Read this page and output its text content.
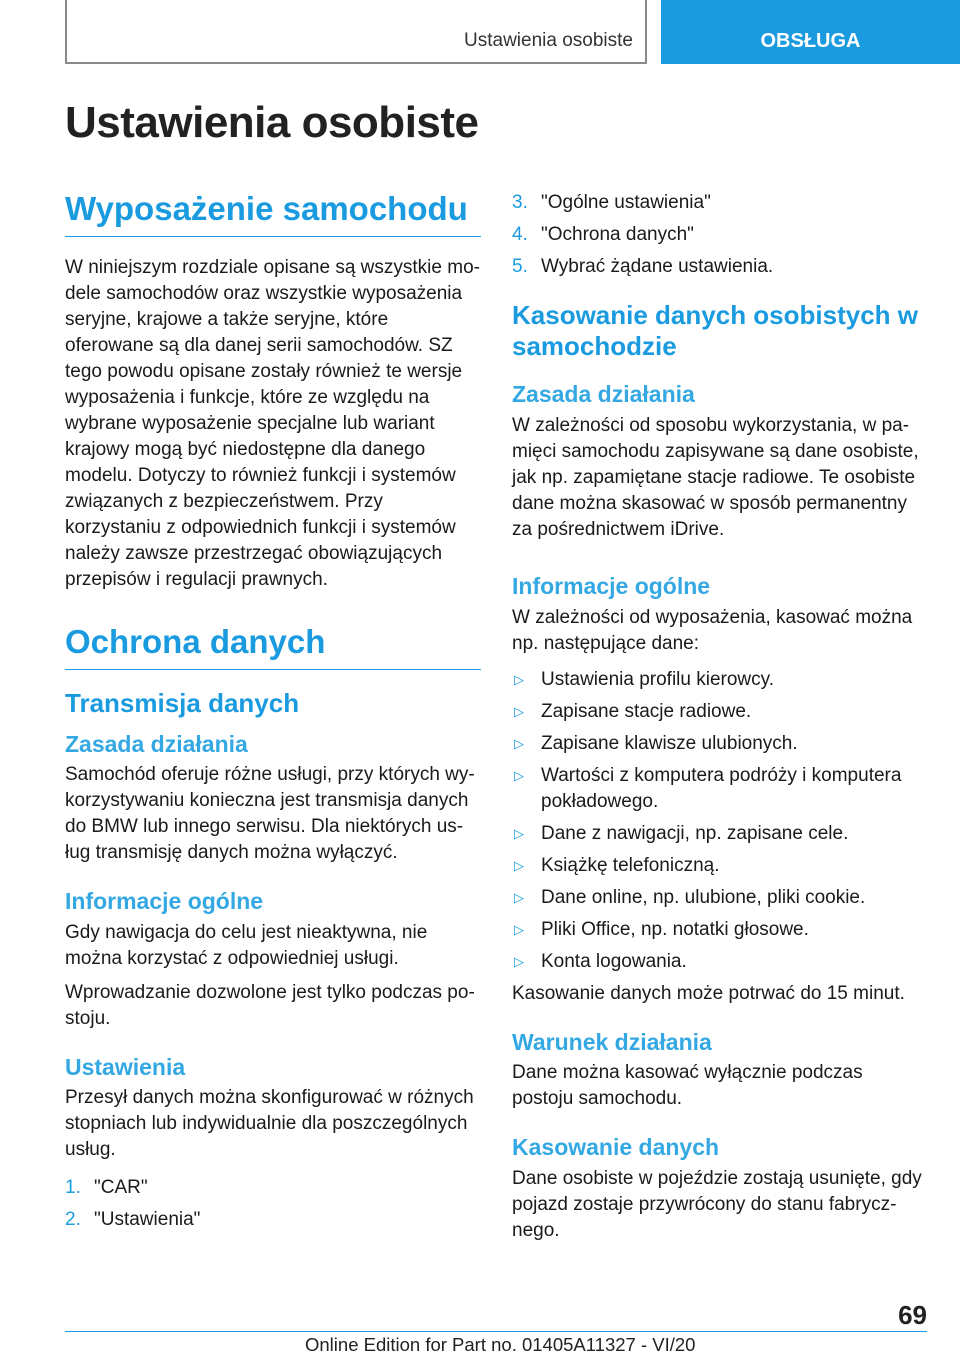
Ustawienia osobiste	OBSŁUGA
Ustawienia osobiste
Wyposażenie samochodu

W niniejszym rozdziale opisane są wszystkie modele samochodów oraz wszystkie wyposażenia seryjne, krajowe a także seryjne, które oferowane są dla danej serii samochodów. SZ tego powodu opisane zostały również te wersje wyposażenia i funkcje, które ze względu na wybrane wyposażenie specjalne lub wariant krajowy mogą być niedostępne dla danego modelu. Dotyczy to również funkcji i systemów związanych z bezpieczeństwem. Przy korzystaniu z odpowiednich funkcji i systemów należy zawsze przestrzegać obowiązujących przepisów i regulacji prawnych.

Ochrona danych
Transmisja danych
Zasada działania

Samochód oferuje różne usługi, przy których wykorzystywaniu konieczna jest transmisja danych do BMW lub innego serwisu. Dla niektórych usług transmisję danych można wyłączyć.

Informacje ogólne

Gdy nawigacja do celu jest nieaktywna, nie można korzystać z odpowiedniej usługi.

Wprowadzanie dozwolone jest tylko podczas postoju.

Ustawienia

Przesył danych można skonfigurować w różnych stopniach lub indywidualnie dla poszczególnych usług.

1. "CAR"
2. "Ustawienia"
3. "Ogólne ustawienia"
4. "Ochrona danych"
5. Wybrać żądane ustawienia.
Kasowanie danych osobistych w samochodzie
Zasada działania

W zależności od sposobu wykorzystania, w pamięci samochodu zapisywane są dane osobiste, jak np. zapamiętane stacje radiowe. Te osobiste dane można skasować w sposób permanentny za pośrednictwem iDrive.

Informacje ogólne

W zależności od wyposażenia, kasować można np. następujące dane:

▷ Ustawienia profilu kierowcy.
▷ Zapisane stacje radiowe.
▷ Zapisane klawisze ulubionych.
▷ Wartości z komputera podróży i komputera pokładowego.
▷ Dane z nawigacji, np. zapisane cele.
▷ Książkę telefoniczną.
▷ Dane online, np. ulubione, pliki cookie.
▷ Pliki Office, np. notatki głosowe.
▷ Konta logowania.

Kasowanie danych może potrwać do 15 minut.

Warunek działania

Dane można kasować wyłącznie podczas postoju samochodu.

Kasowanie danych

Dane osobiste w pojeździe zostają usunięte, gdy pojazd zostaje przywrócony do stanu fabrycznego.

69
Online Edition for Part no. 01405A11327 - VI/20
